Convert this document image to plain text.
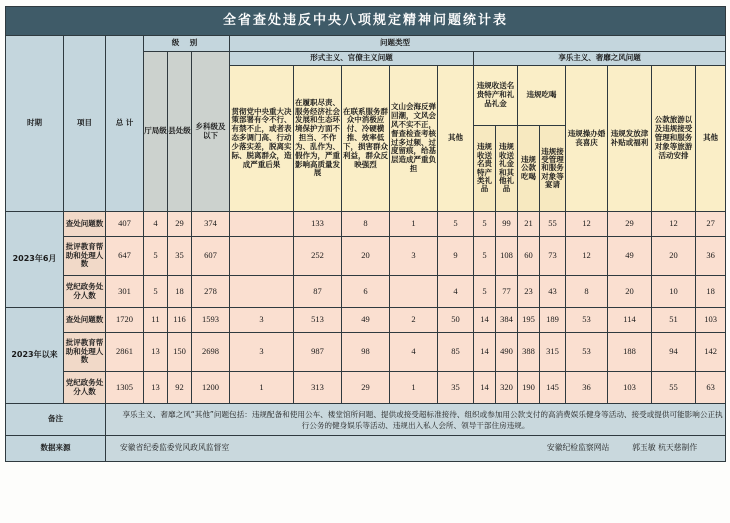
全省查处违反中央八项规定精神问题统计表																		
时期	项目	总 计	级 别			问题类型												
			厅局级	县处级	乡科级及以下	形式主义、官僚主义问题					享乐主义、奢靡之风问题							
						贯彻党中央重大决策部署有令不行、有禁不止，或者表态多调门高、行动少落实差，脱离实际、脱离群众，造成严重后果	在履职尽责、服务经济社会发展和生态环境保护方面不担当、不作为、乱作为、假作为，严重影响高质量发展	在联系服务群众中消极应付、冷硬横推、效率低下，损害群众利益，群众反映强烈	文山会海反弹回潮，文风会风不实不正，督查检查考核过多过频、过度留痕，给基层造成严重负担	其他	违规收送名贵特产和礼品礼金		违规吃喝		违规操办婚丧喜庆	违规发放津补贴或福利	公款旅游以及违规接受管理和服务对象等旅游活动安排	其他
											违规收送名贵特产类礼品	违规收送礼金和其他礼品	违规公款吃喝	违规接受管理和服务对象等宴请				
2023年6月	查处问题数	407	4	29	374		133	8	1	5	5	99	21	55	12	29	12	27
	批评教育帮助和处理人数	647	5	35	607		252	20	3	9	5	108	60	73	12	49	20	36
	党纪政务处分人数	301	5	18	278		87	6		4	5	77	23	43	8	20	10	18
2023年以来	查处问题数	1720	11	116	1593	3	513	49	2	50	14	384	195	189	53	114	51	103
	批评教育帮助和处理人数	2861	13	150	2698	3	987	98	4	85	14	490	388	315	53	188	94	142
	党纪政务处分人数	1305	13	92	1200	1	313	29	1	35	14	320	190	145	36	103	55	63
备注		享乐主义、奢靡之风“其他”问题包括：违规配备和使用公车、楼堂馆所问题、提供或接受超标准接待、组织或参加用公款支付的高消费娱乐健身等活动、接受或提供可能影响公正执行公务的健身娱乐等活动、违规出入私人会所、领导干部住房违规。																
数据来源		安徽省纪委监委党风政风监督室 安徽纪检监察网站 郭玉敏 杭天慈制作																
